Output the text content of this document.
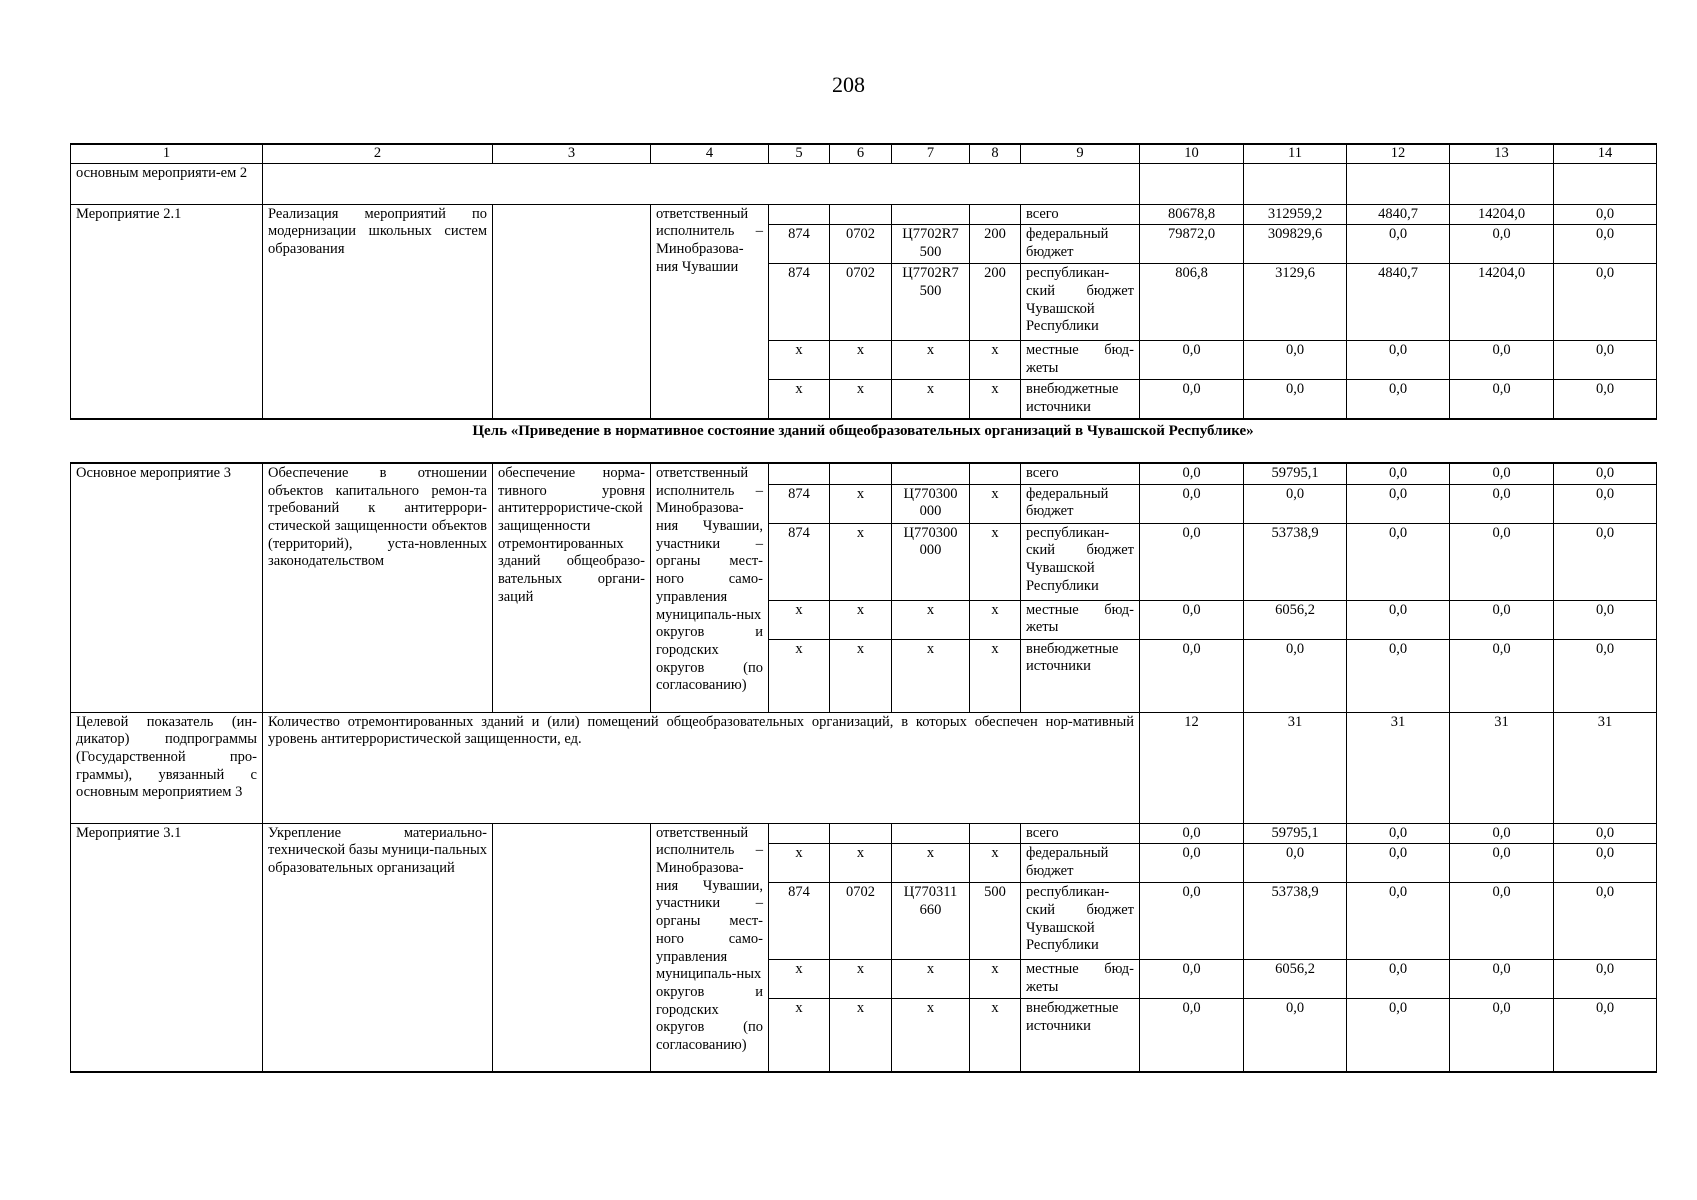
208
1	2	3	4	5	6	7	8	9	10	11	12	13	14
основным мероприяти-ем 2													
Мероприятие 2.1	Реализация мероприятий по модернизации школьных систем образования		ответственный исполнитель – Минобразова-ния Чувашии					всего	80678,8	312959,2	4840,7	14204,0	0,0
				874	0702	Ц7702R7 500	200	федеральный бюджет	79872,0	309829,6	0,0	0,0	0,0
				874	0702	Ц7702R7 500	200	республикан-ский бюджет Чувашской Республики	806,8	3129,6	4840,7	14204,0	0,0
				x	x	x	x	местные бюд-жеты	0,0	0,0	0,0	0,0	0,0
				x	x	x	x	внебюджетные источники	0,0	0,0	0,0	0,0	0,0
Цель «Приведение в нормативное состояние зданий общеобразовательных организаций в Чувашской Республике»
Основное мероприятие 3	Обеспечение в отношении объектов капитального ремон-та требований к антитеррори-стической защищенности объектов (территорий), уста-новленных законодательством	обеспечение норма-тивного уровня антитеррористиче-ской защищенности отремонтированных зданий общеобразо-вательных органи-заций	ответственный исполнитель – Минобразова-ния Чувашии, участники – органы мест-ного само-управления муниципаль-ных округов и городских округов (по согласованию)					всего	0,0	59795,1	0,0	0,0	0,0
				874	x	Ц770300 000	x	федеральный бюджет	0,0	0,0	0,0	0,0	0,0
				874	x	Ц770300 000	x	республикан-ский бюджет Чувашской Республики	0,0	53738,9	0,0	0,0	0,0
				x	x	x	x	местные бюд-жеты	0,0	6056,2	0,0	0,0	0,0
				x	x	x	x	внебюджетные источники	0,0	0,0	0,0	0,0	0,0
Целевой показатель (ин-дикатор) подпрограммы (Государственной про-граммы), увязанный с основным мероприятием 3	Количество отремонтированных зданий и (или) помещений общеобразовательных организаций, в которых обеспечен нор-мативный уровень антитеррористической защищенности, ед.								12	31	31	31	31
Мероприятие 3.1	Укрепление материально-технической базы муници-пальных образовательных организаций		ответственный исполнитель – Минобразова-ния Чувашии, участники – органы мест-ного само-управления муниципаль-ных округов и городских округов (по согласованию)					всего	0,0	59795,1	0,0	0,0	0,0
				x	x	x	x	федеральный бюджет	0,0	0,0	0,0	0,0	0,0
				874	0702	Ц770311 660	500	республикан-ский бюджет Чувашской Республики	0,0	53738,9	0,0	0,0	0,0
				x	x	x	x	местные бюд-жеты	0,0	6056,2	0,0	0,0	0,0
				x	x	x	x	внебюджетные источники	0,0	0,0	0,0	0,0	0,0
